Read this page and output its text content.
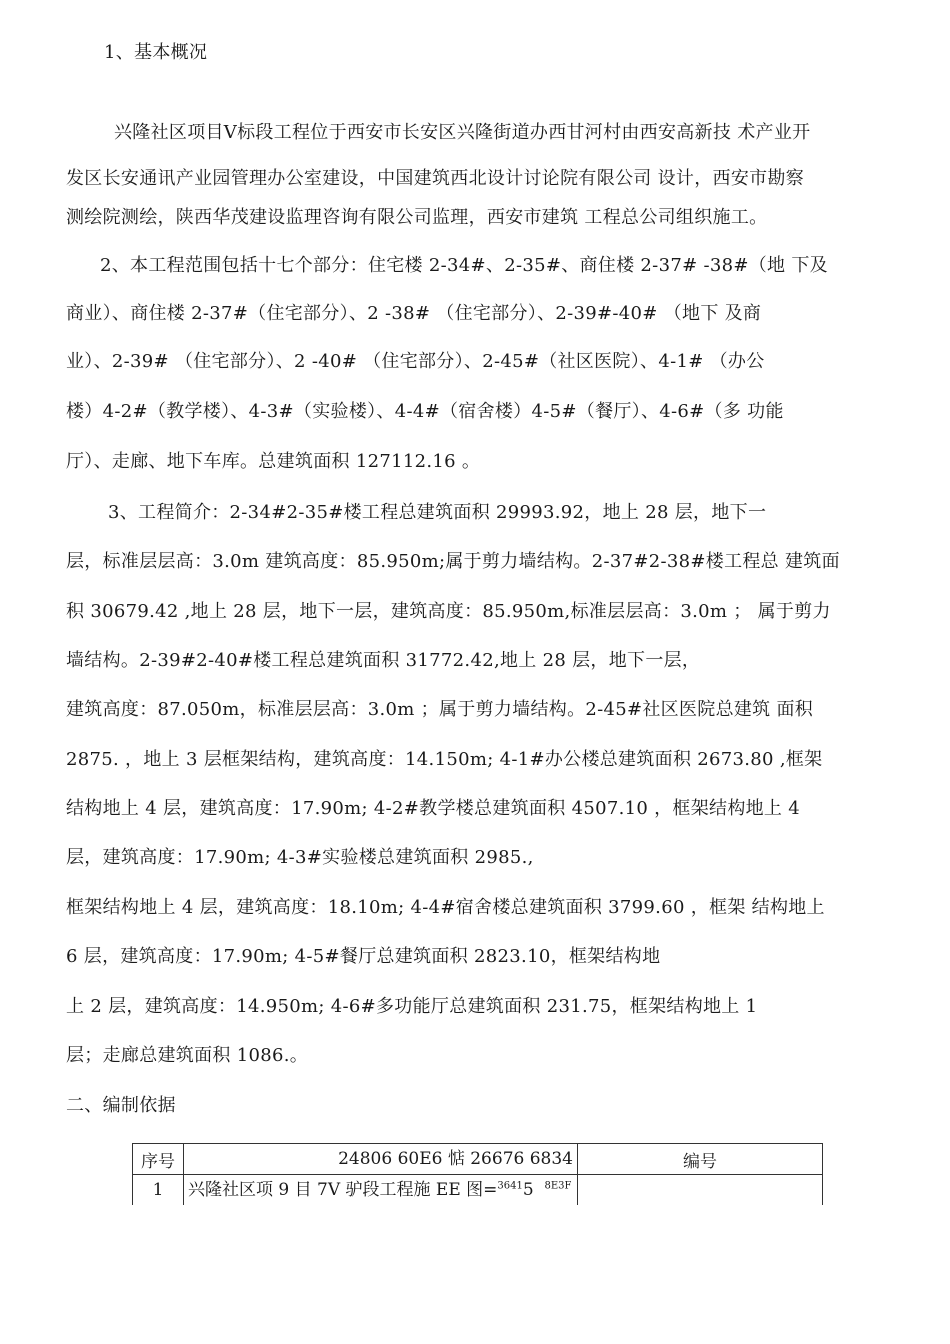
1、基本概况
兴隆社区项目Ⅴ标段工程位于西安市长安区兴隆街道办西甘河村由西安高新技 术产业开
发区长安通讯产业园管理办公室建设，中国建筑西北设计讨论院有限公司 设计，西安市勘察
测绘院测绘，陕西华茂建设监理咨询有限公司监理，西安市建筑 工程总公司组织施工。
2、本工程范围包括十七个部分：住宅楼 2-34#、2-35#、商住楼 2-37# -38#（地 下及
商业）、商住楼 2-37#（住宅部分）、2 -38# （住宅部分）、2-39#-40# （地下 及商
业）、2-39# （住宅部分）、2 -40# （住宅部分）、2-45#（社区医院）、4-1# （办公
楼）4-2#（教学楼）、4-3#（实验楼）、4-4#（宿舍楼）4-5#（餐厅）、4-6#（多 功能
厅）、走廊、地下车库。总建筑面积 127112.16 。
3、工程简介：2-34#2-35#楼工程总建筑面积 29993.92，地上 28 层，地下一
层，标准层层高：3.0m 建筑高度：85.950m;属于剪力墙结构。2-37#2-38#楼工程总 建筑面
积 30679.42 ,地上 28 层，地下一层，建筑高度：85.950m,标准层层高：3.0m ； 属于剪力
墙结构。2-39#2-40#楼工程总建筑面积 31772.42,地上 28 层，地下一层，
建筑高度：87.050m，标准层层高：3.0m ；属于剪力墙结构。2-45#社区医院总建筑 面积
2875. ，地上 3 层框架结构，建筑高度：14.150m; 4-1#办公楼总建筑面积 2673.80 ,框架
结构地上 4 层，建筑高度：17.90m; 4-2#教学楼总建筑面积 4507.10 ，框架结构地上 4
层，建筑高度：17.90m; 4-3#实验楼总建筑面积 2985.,
框架结构地上 4 层，建筑高度：18.10m; 4-4#宿舍楼总建筑面积 3799.60 ，框架 结构地上
6 层，建筑高度：17.90m; 4-5#餐厅总建筑面积 2823.10，框架结构地
上 2 层，建筑高度：14.950m; 4-6#多功能厅总建筑面积 231.75，框架结构地上 1
层；走廊总建筑面积 1086.。
二、编制依据
序号	24806 60E6 惦 26676 6834	编号
1	兴隆社区项 9 目 7V 驴段工程施 EE 图=$^{3641}$5 $^{8E3F}$	
